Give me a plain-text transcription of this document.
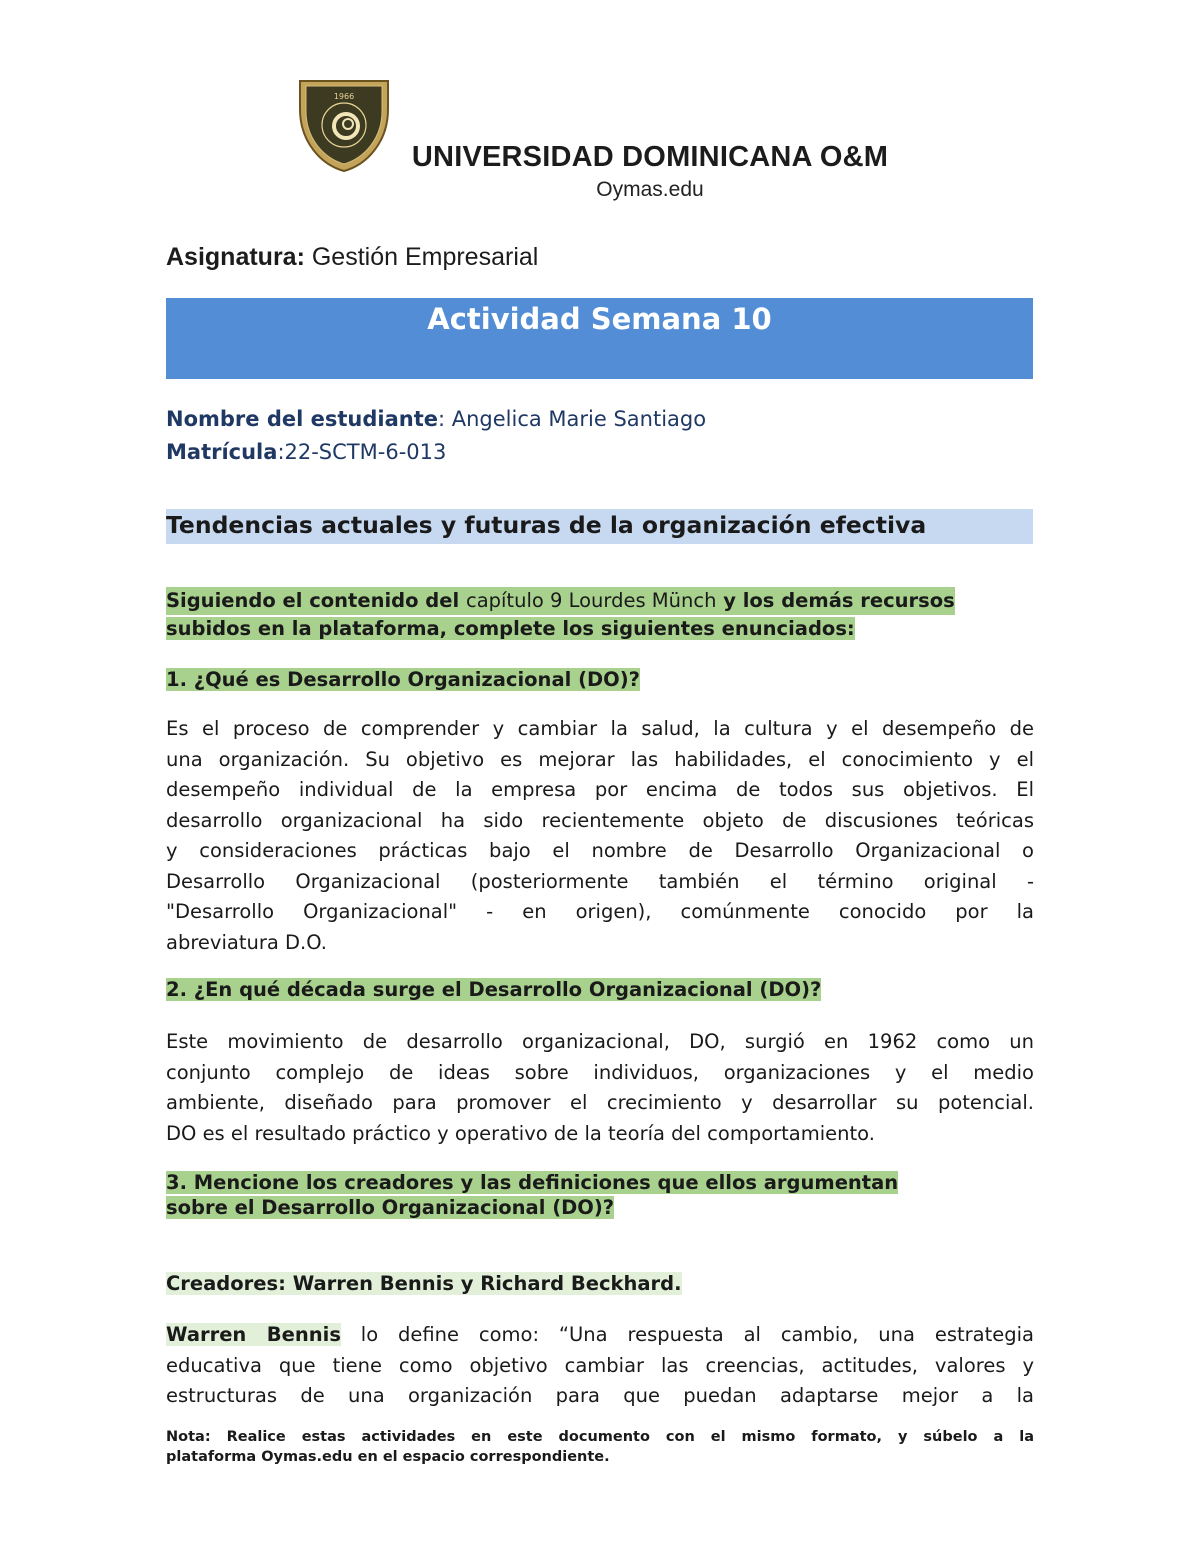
1966
UNIVERSIDAD DOMINICANA O&M
Oymas.edu
Asignatura: Gestión Empresarial
Actividad Semana 10
Nombre del estudiante: Angelica Marie Santiago
Matrícula:22-SCTM-6-013
Tendencias actuales y futuras de la organización efectiva
Siguiendo el contenido del capítulo 9 Lourdes Münch y los demás recursos
subidos en la plataforma, complete los siguientes enunciados:
1. ¿Qué es Desarrollo Organizacional (DO)?
Es el proceso de comprender y cambiar la salud, la cultura y el desempeño de
una organización. Su objetivo es mejorar las habilidades, el conocimiento y el
desempeño individual de la empresa por encima de todos sus objetivos. El
desarrollo organizacional ha sido recientemente objeto de discusiones teóricas
y consideraciones prácticas bajo el nombre de Desarrollo Organizacional o
Desarrollo Organizacional (posteriormente también el término original -
"Desarrollo Organizacional" - en origen), comúnmente conocido por la
abreviatura D.O.
2. ¿En qué década surge el Desarrollo Organizacional (DO)?
Este movimiento de desarrollo organizacional, DO, surgió en 1962 como un
conjunto complejo de ideas sobre individuos, organizaciones y el medio
ambiente, diseñado para promover el crecimiento y desarrollar su potencial.
DO es el resultado práctico y operativo de la teoría del comportamiento.
3. Mencione los creadores y las definiciones que ellos argumentan
sobre el Desarrollo Organizacional (DO)?
Creadores: Warren Bennis y Richard Beckhard.
Warren Bennis lo define como: “Una respuesta al cambio, una estrategia
educativa que tiene como objetivo cambiar las creencias, actitudes, valores y
estructuras de una organización para que puedan adaptarse mejor a la
Nota: Realice estas actividades en este documento con el mismo formato, y súbelo a la
plataforma Oymas.edu en el espacio correspondiente.
